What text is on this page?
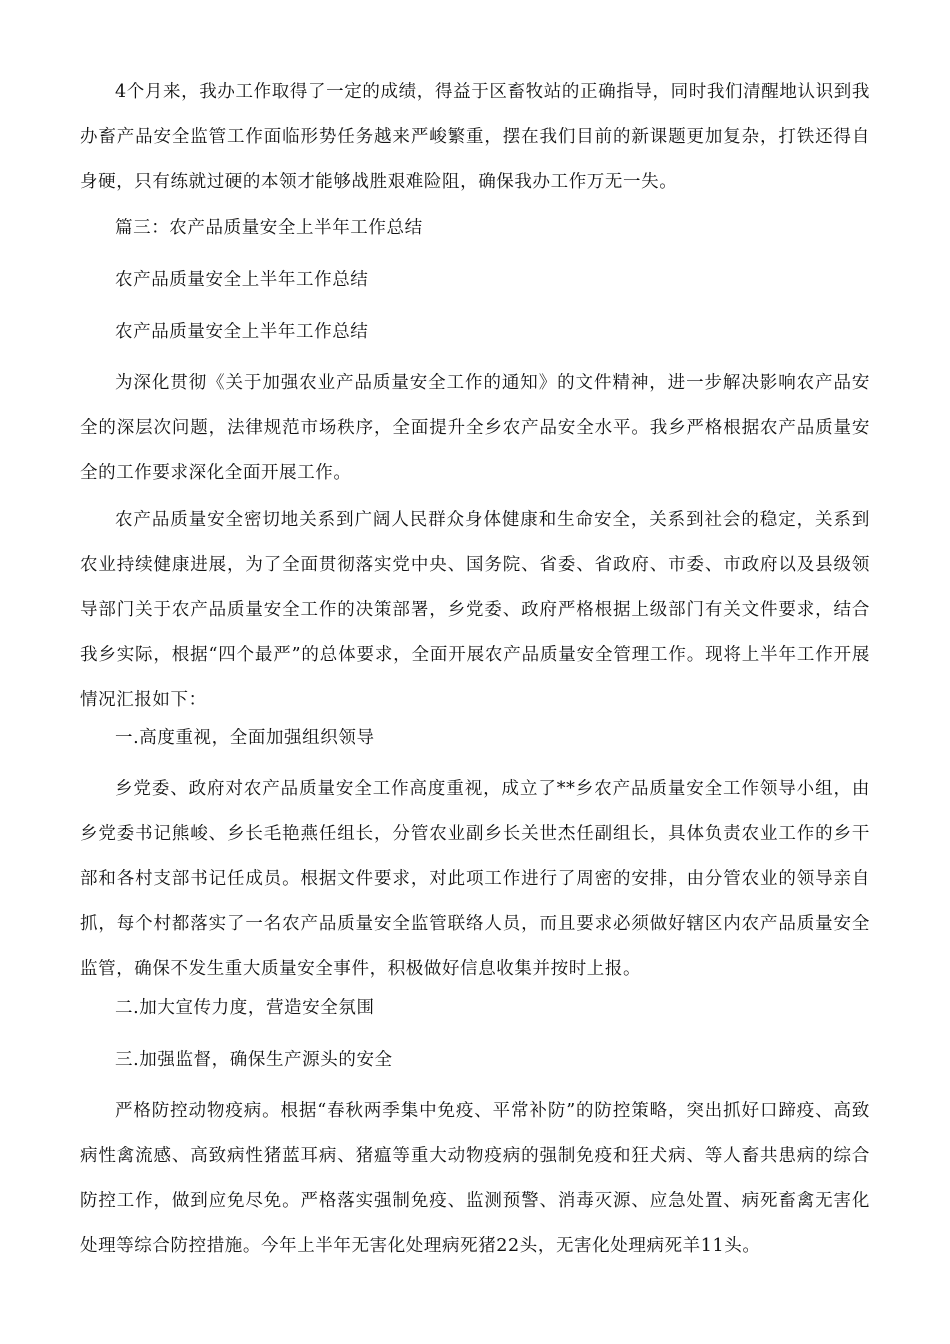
4个月来，我办工作取得了一定的成绩，得益于区畜牧站的正确指导，同时我们清醒地认识到我办畜产品安全监管工作面临形势任务越来严峻繁重，摆在我们目前的新课题更加复杂，打铁还得自身硬，只有练就过硬的本领才能够战胜艰难险阻，确保我办工作万无一失。

篇三：农产品质量安全上半年工作总结

农产品质量安全上半年工作总结

农产品质量安全上半年工作总结

为深化贯彻《关于加强农业产品质量安全工作的通知》的文件精神，进一步解决影响农产品安全的深层次问题，法律规范市场秩序，全面提升全乡农产品安全水平。我乡严格根据农产品质量安全的工作要求深化全面开展工作。

农产品质量安全密切地关系到广阔人民群众身体健康和生命安全，关系到社会的稳定，关系到农业持续健康进展，为了全面贯彻落实党中央、国务院、省委、省政府、市委、市政府以及县级领导部门关于农产品质量安全工作的决策部署，乡党委、政府严格根据上级部门有关文件要求，结合我乡实际，根据“四个最严”的总体要求，全面开展农产品质量安全管理工作。现将上半年工作开展情况汇报如下：

一.高度重视，全面加强组织领导

乡党委、政府对农产品质量安全工作高度重视，成立了**乡农产品质量安全工作领导小组，由乡党委书记熊峻、乡长毛艳燕任组长，分管农业副乡长关世杰任副组长，具体负责农业工作的乡干部和各村支部书记任成员。根据文件要求，对此项工作进行了周密的安排，由分管农业的领导亲自抓，每个村都落实了一名农产品质量安全监管联络人员，而且要求必须做好辖区内农产品质量安全监管，确保不发生重大质量安全事件，积极做好信息收集并按时上报。

二.加大宣传力度，营造安全氛围

三.加强监督，确保生产源头的安全

严格防控动物疫病。根据“春秋两季集中免疫、平常补防”的防控策略，突出抓好口蹄疫、高致病性禽流感、高致病性猪蓝耳病、猪瘟等重大动物疫病的强制免疫和狂犬病、等人畜共患病的综合防控工作，做到应免尽免。严格落实强制免疫、监测预警、消毒灭源、应急处置、病死畜禽无害化处理等综合防控措施。今年上半年无害化处理病死猪22头，无害化处理病死羊11头。
